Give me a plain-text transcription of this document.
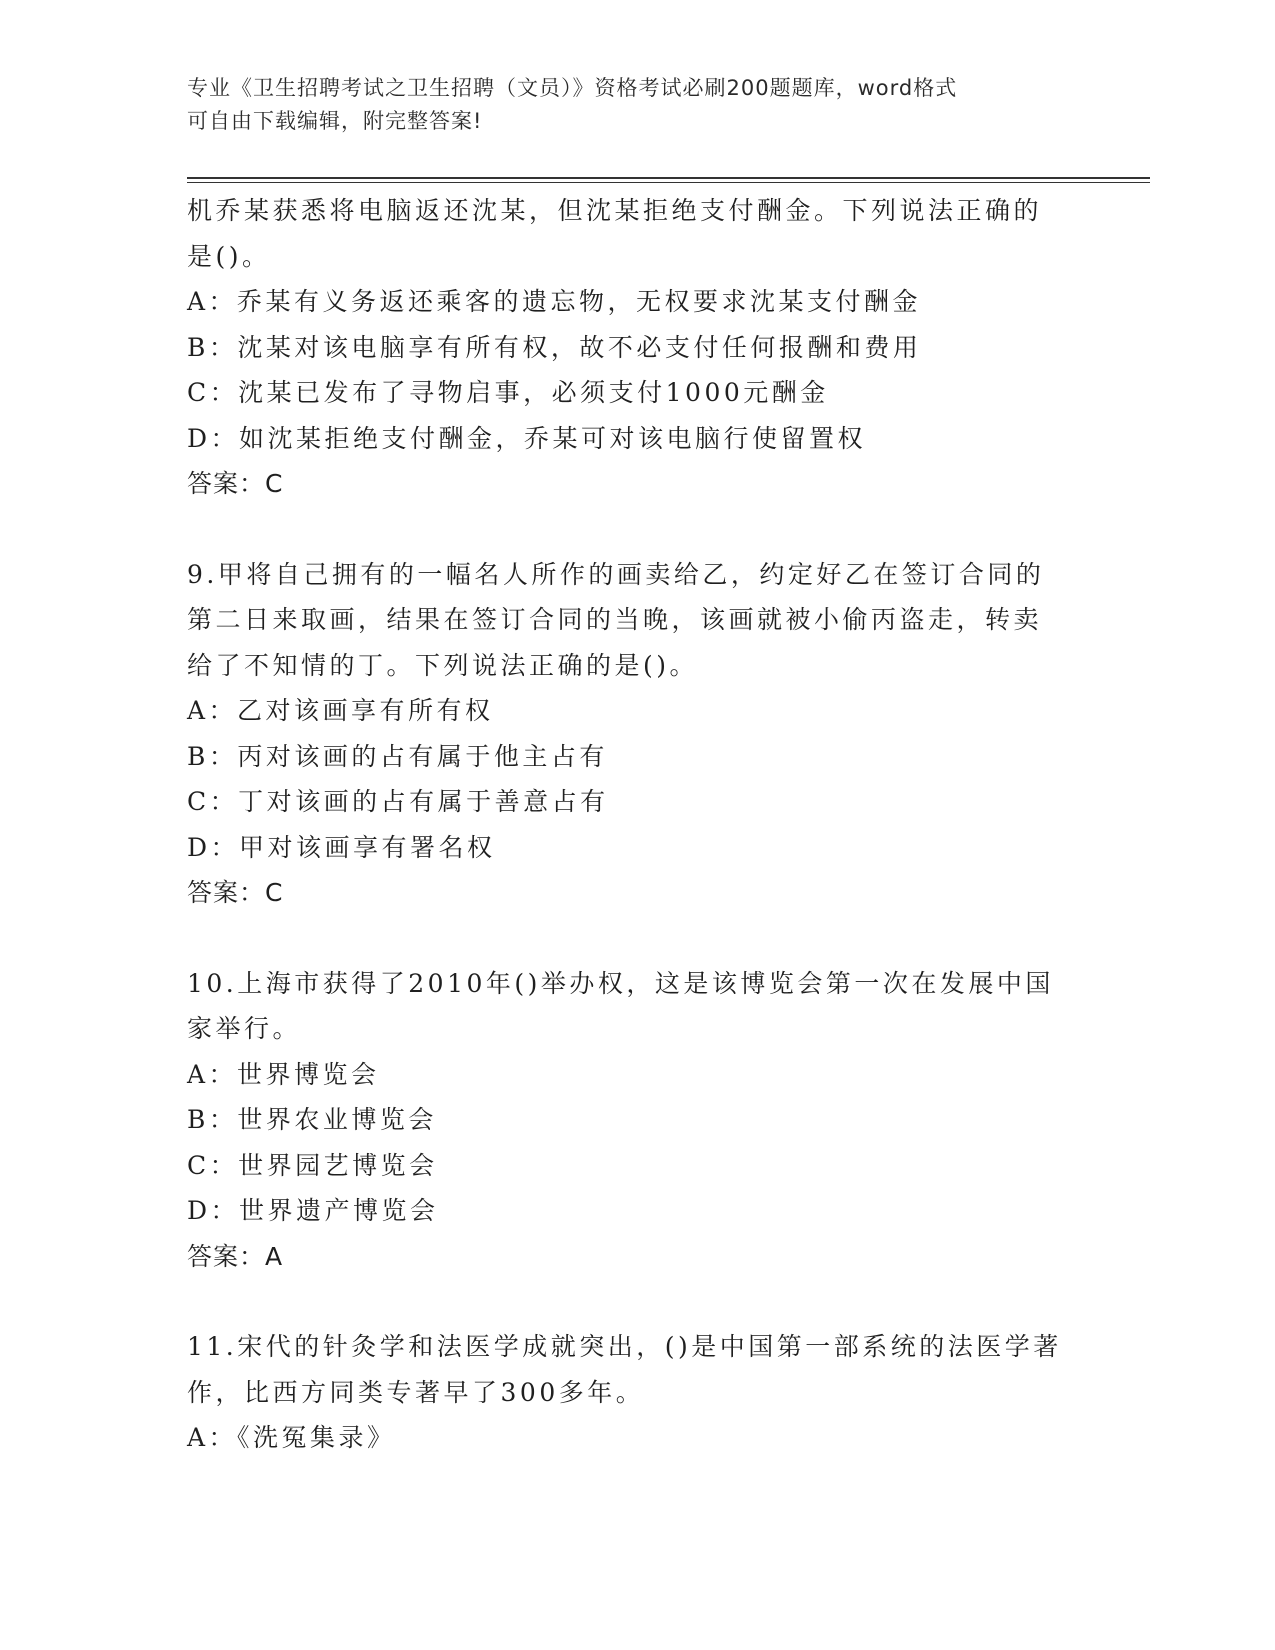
专业《卫生招聘考试之卫生招聘（文员）》资格考试必刷200题题库，word格式
可自由下载编辑，附完整答案!

机乔某获悉将电脑返还沈某，但沈某拒绝支付酬金。下列说法正确的

是()。

A：乔某有义务返还乘客的遗忘物，无权要求沈某支付酬金

B：沈某对该电脑享有所有权，故不必支付任何报酬和费用

C：沈某已发布了寻物启事，必须支付1000元酬金

D：如沈某拒绝支付酬金，乔某可对该电脑行使留置权

答案：C

9.甲将自己拥有的一幅名人所作的画卖给乙，约定好乙在签订合同的

第二日来取画，结果在签订合同的当晚，该画就被小偷丙盗走，转卖

给了不知情的丁。下列说法正确的是()。

A：乙对该画享有所有权

B：丙对该画的占有属于他主占有

C：丁对该画的占有属于善意占有

D：甲对该画享有署名权

答案：C

10.上海市获得了2010年()举办权，这是该博览会第一次在发展中国

家举行。

A：世界博览会

B：世界农业博览会

C：世界园艺博览会

D：世界遗产博览会

答案：A

11.宋代的针灸学和法医学成就突出，()是中国第一部系统的法医学著

作，比西方同类专著早了300多年。

A：《洗冤集录》
